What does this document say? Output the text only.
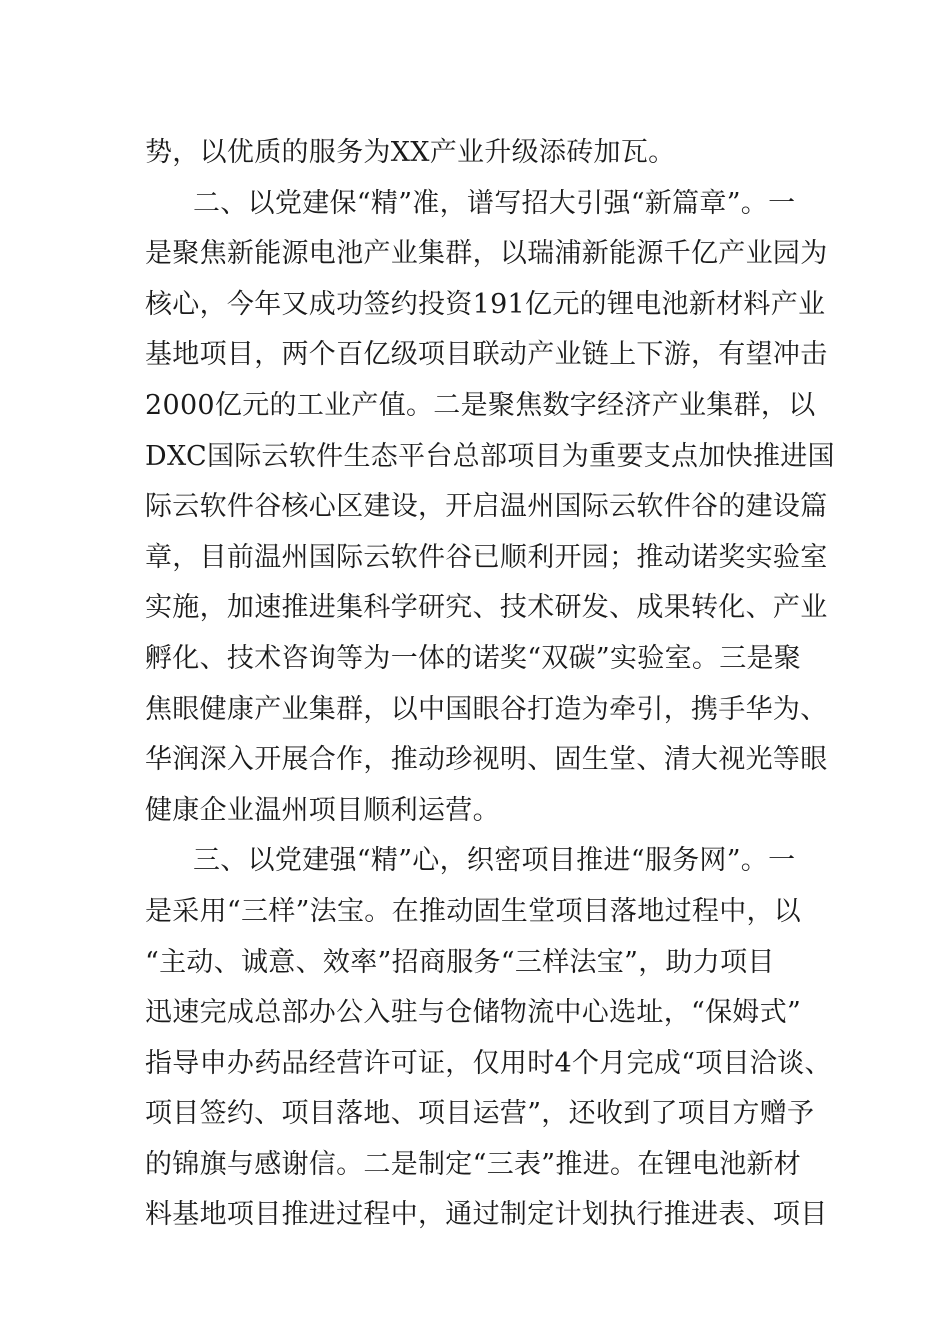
势，以优质的服务为XX产业升级添砖加瓦。
二、以党建保“精”准，谱写招大引强“新篇章”。一
是聚焦新能源电池产业集群，以瑞浦新能源千亿产业园为
核心，今年又成功签约投资191亿元的锂电池新材料产业
基地项目，两个百亿级项目联动产业链上下游，有望冲击
2000亿元的工业产值。二是聚焦数字经济产业集群，以
DXC国际云软件生态平台总部项目为重要支点加快推进国
际云软件谷核心区建设，开启温州国际云软件谷的建设篇
章，目前温州国际云软件谷已顺利开园；推动诺奖实验室
实施，加速推进集科学研究、技术研发、成果转化、产业
孵化、技术咨询等为一体的诺奖“双碳”实验室。三是聚
焦眼健康产业集群，以中国眼谷打造为牵引，携手华为、
华润深入开展合作，推动珍视明、固生堂、清大视光等眼
健康企业温州项目顺利运营。
三、以党建强“精”心，织密项目推进“服务网”。一
是采用“三样”法宝。在推动固生堂项目落地过程中，以
“主动、诚意、效率”招商服务“三样法宝”，助力项目
迅速完成总部办公入驻与仓储物流中心选址，“保姆式”
指导申办药品经营许可证，仅用时4个月完成“项目洽谈、
项目签约、项目落地、项目运营”，还收到了项目方赠予
的锦旗与感谢信。二是制定“三表”推进。在锂电池新材
料基地项目推进过程中，通过制定计划执行推进表、项目
